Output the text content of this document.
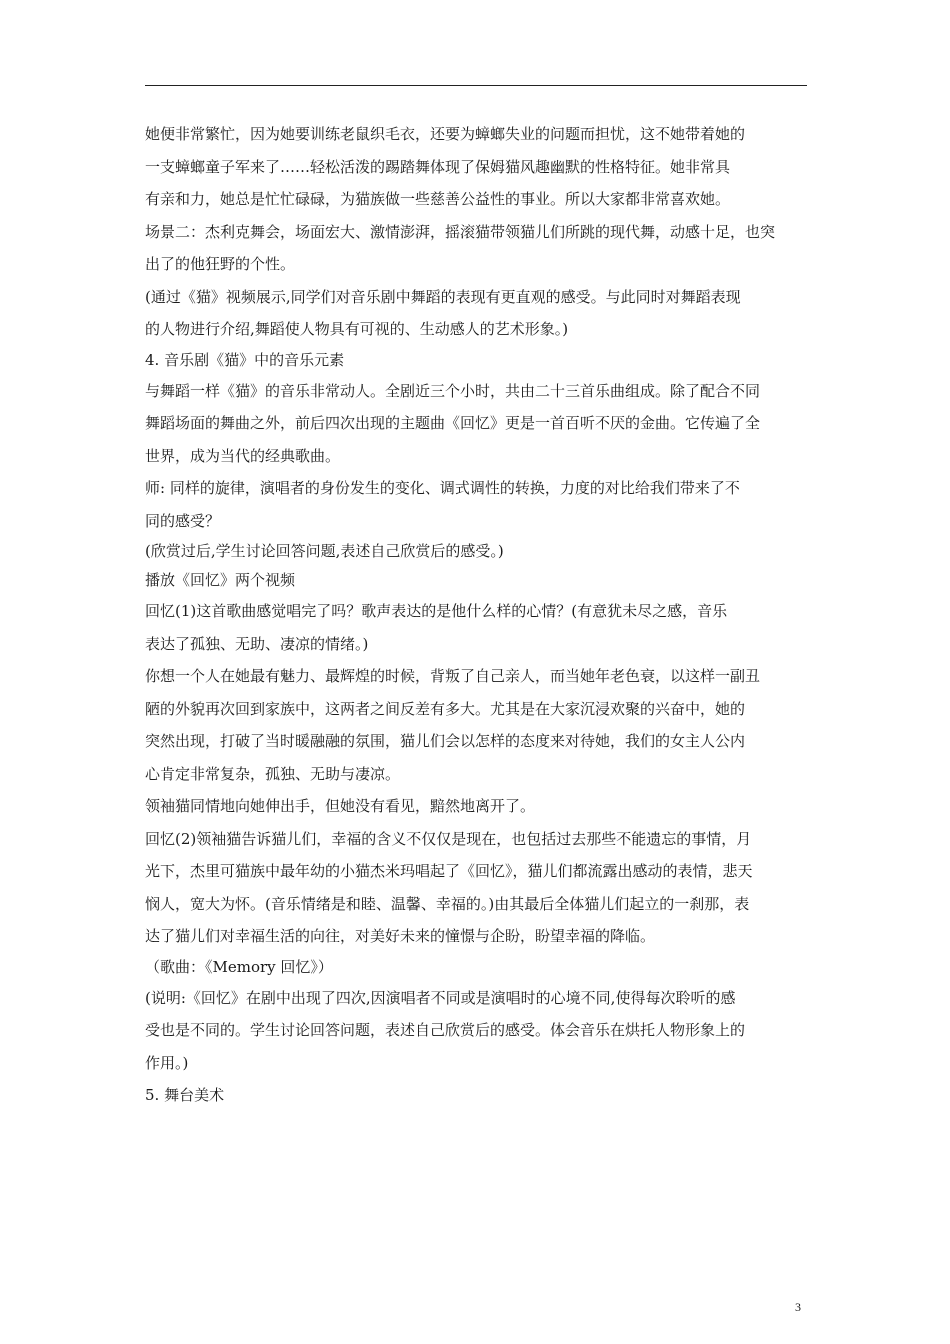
她便非常繁忙，因为她要训练老鼠织毛衣，还要为蟑螂失业的问题而担忧，这不她带着她的
一支蟑螂童子军来了……轻松活泼的踢踏舞体现了保姆猫风趣幽默的性格特征。她非常具
有亲和力，她总是忙忙碌碌，为猫族做一些慈善公益性的事业。所以大家都非常喜欢她。
场景二：杰利克舞会，场面宏大、激情澎湃，摇滚猫带领猫儿们所跳的现代舞，动感十足，也突
出了的他狂野的个性。
(通过《猫》视频展示,同学们对音乐剧中舞蹈的表现有更直观的感受。与此同时对舞蹈表现
的人物进行介绍,舞蹈使人物具有可视的、生动感人的艺术形象。)
4. 音乐剧《猫》中的音乐元素
与舞蹈一样《猫》的音乐非常动人。全剧近三个小时，共由二十三首乐曲组成。除了配合不同
舞蹈场面的舞曲之外，前后四次出现的主题曲《回忆》更是一首百听不厌的金曲。它传遍了全
世界，成为当代的经典歌曲。
师: 同样的旋律，演唱者的身份发生的变化、调式调性的转换，力度的对比给我们带来了不
同的感受？
(欣赏过后,学生讨论回答问题,表述自己欣赏后的感受。)
播放《回忆》两个视频
回忆(1)这首歌曲感觉唱完了吗？歌声表达的是他什么样的心情？(有意犹未尽之感，音乐
表达了孤独、无助、凄凉的情绪。)
你想一个人在她最有魅力、最辉煌的时候，背叛了自己亲人，而当她年老色衰，以这样一副丑
陋的外貌再次回到家族中，这两者之间反差有多大。尤其是在大家沉浸欢聚的兴奋中，她的
突然出现，打破了当时暖融融的氛围，猫儿们会以怎样的态度来对待她，我们的女主人公内
心肯定非常复杂，孤独、无助与凄凉。
领袖猫同情地向她伸出手，但她没有看见，黯然地离开了。
回忆(2)领袖猫告诉猫儿们，幸福的含义不仅仅是现在，也包括过去那些不能遗忘的事情，月
光下，杰里可猫族中最年幼的小猫杰米玛唱起了《回忆》，猫儿们都流露出感动的表情，悲天
悯人，宽大为怀。(音乐情绪是和睦、温馨、幸福的。)由其最后全体猫儿们起立的一刹那，表
达了猫儿们对幸福生活的向往，对美好未来的憧憬与企盼，盼望幸福的降临。
（歌曲：《Memory 回忆》）
(说明:《回忆》在剧中出现了四次,因演唱者不同或是演唱时的心境不同,使得每次聆听的感
受也是不同的。学生讨论回答问题，表述自己欣赏后的感受。体会音乐在烘托人物形象上的
作用。)
5. 舞台美术
3
